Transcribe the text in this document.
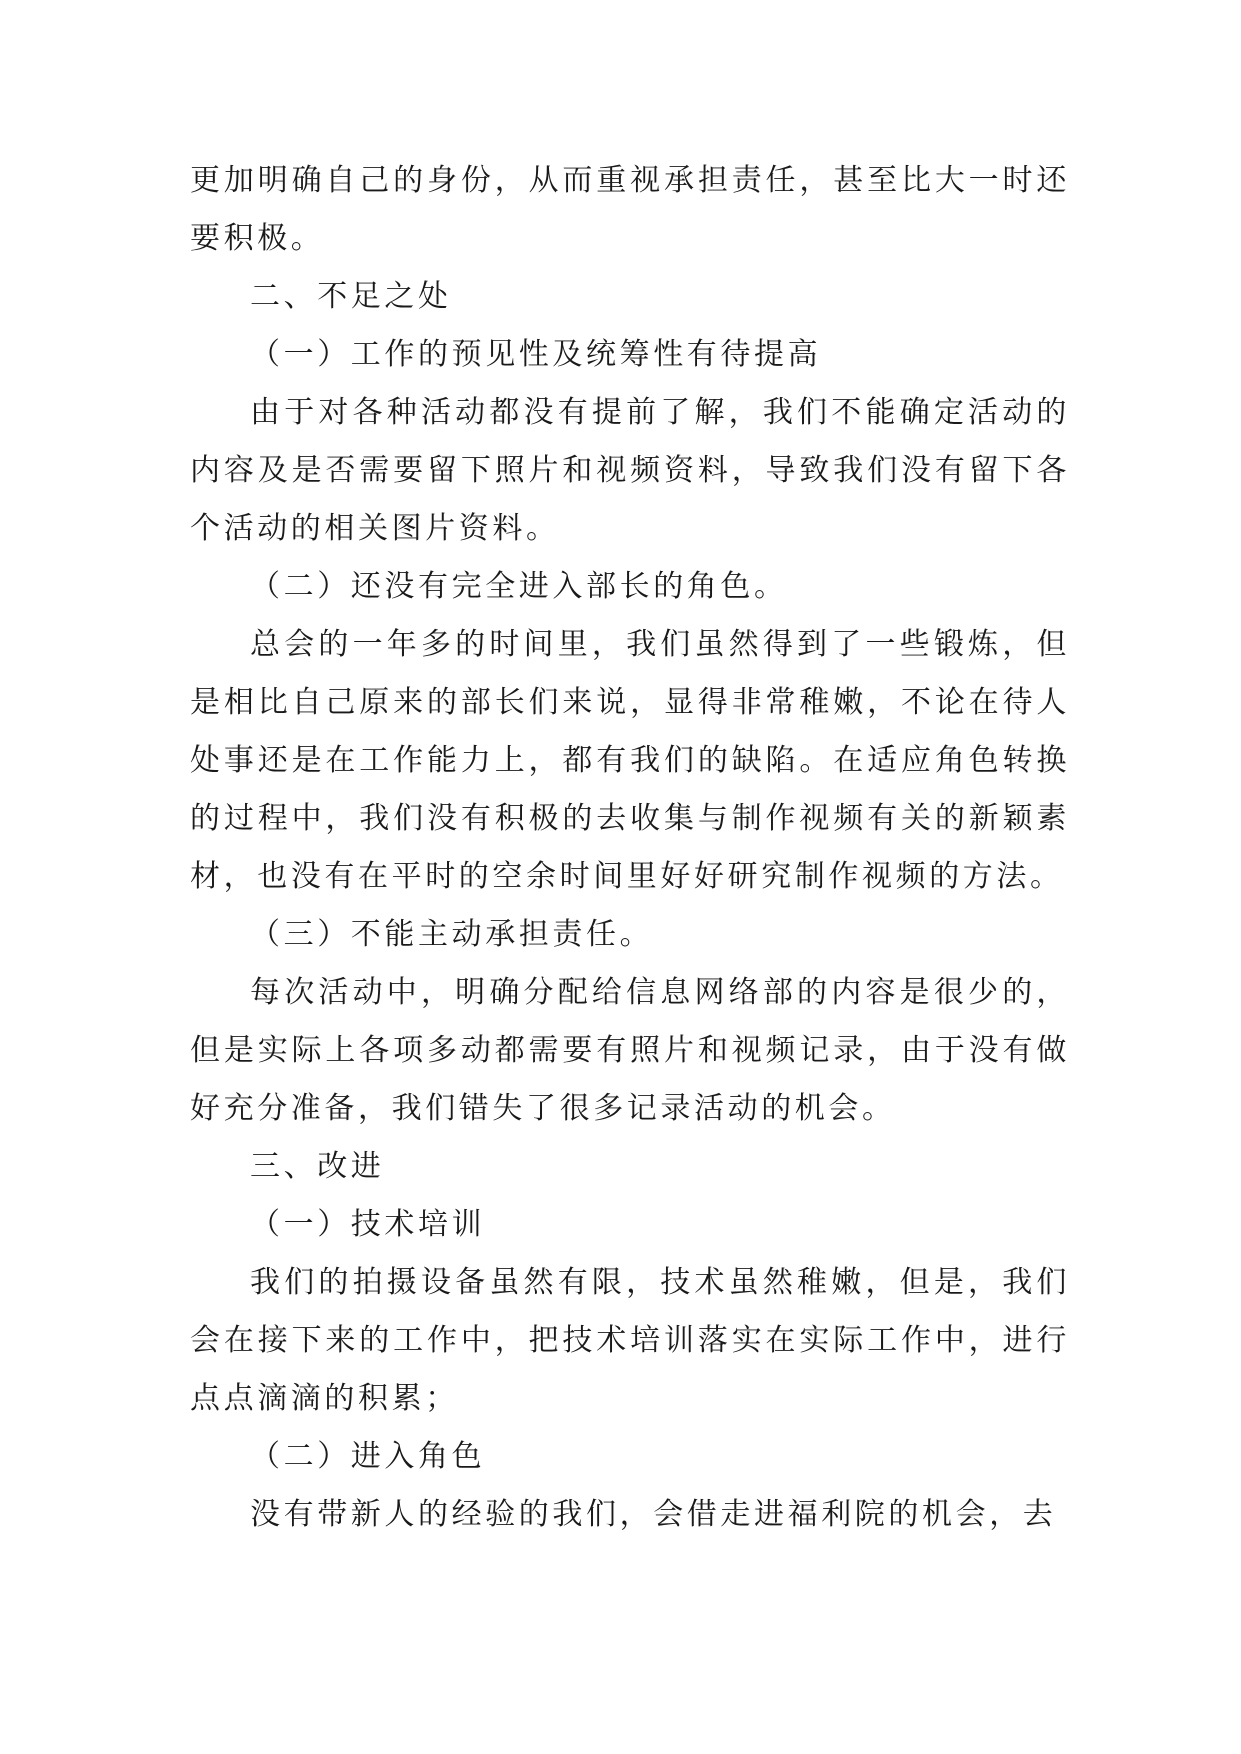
更加明确自己的身份，从而重视承担责任，甚至比大一时还要积极。

二、不足之处

（一）工作的预见性及统筹性有待提高

由于对各种活动都没有提前了解，我们不能确定活动的内容及是否需要留下照片和视频资料，导致我们没有留下各个活动的相关图片资料。

（二）还没有完全进入部长的角色。

总会的一年多的时间里，我们虽然得到了一些锻炼，但是相比自己原来的部长们来说，显得非常稚嫩，不论在待人处事还是在工作能力上，都有我们的缺陷。在适应角色转换的过程中，我们没有积极的去收集与制作视频有关的新颖素材，也没有在平时的空余时间里好好研究制作视频的方法。

（三）不能主动承担责任。

每次活动中，明确分配给信息网络部的内容是很少的，但是实际上各项多动都需要有照片和视频记录，由于没有做好充分准备，我们错失了很多记录活动的机会。

三、改进

（一）技术培训

我们的拍摄设备虽然有限，技术虽然稚嫩，但是，我们会在接下来的工作中，把技术培训落实在实际工作中，进行点点滴滴的积累；

（二）进入角色

没有带新人的经验的我们，会借走进福利院的机会，去
